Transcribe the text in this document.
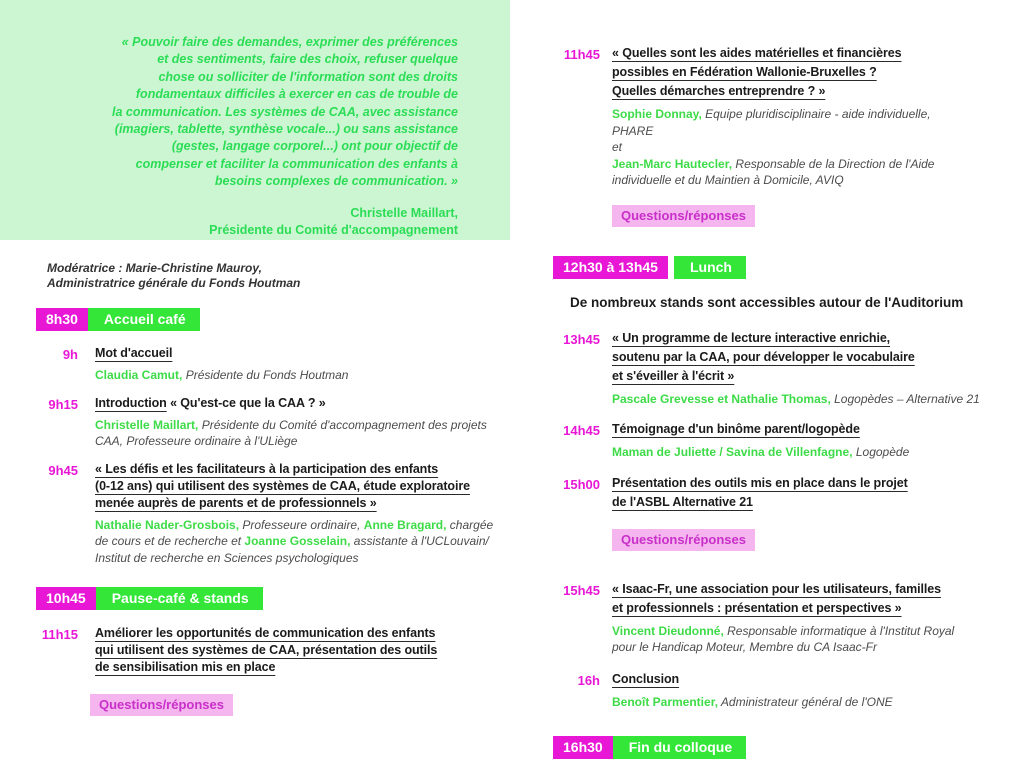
« Pouvoir faire des demandes, exprimer des préférences
et des sentiments, faire des choix, refuser quelque
chose ou solliciter de l'information sont des droits
fondamentaux difficiles à exercer en cas de trouble de
la communication. Les systèmes de CAA, avec assistance
(imagiers, tablette, synthèse vocale...) ou sans assistance
(gestes, langage corporel...) ont pour objectif de
compenser et faciliter la communication des enfants à
besoins complexes de communication. »
Christelle Maillart,
Présidente du Comité d'accompagnement
Modératrice : Marie-Christine Mauroy,
Administratrice générale du Fonds Houtman
8h30	Accueil café
9h Mot d'accueil
Claudia Camut, Présidente du Fonds Houtman
9h15 Introduction « Qu'est-ce que la CAA ? »
Christelle Maillart, Présidente du Comité d'accompagnement des projets CAA, Professeure ordinaire à l'ULiège
9h45 « Les défis et les facilitateurs à la participation des enfants
(0-12 ans) qui utilisent des systèmes de CAA, étude exploratoire
menée auprès de parents et de professionnels »
Nathalie Nader-Grosbois, Professeure ordinaire, Anne Bragard, chargée de cours et de recherche et Joanne Gosselain, assistante à l'UCLouvain/ Institut de recherche en Sciences psychologiques
10h45	Pause-café & stands
11h15 Améliorer les opportunités de communication des enfants
qui utilisent des systèmes de CAA, présentation des outils
de sensibilisation mis en place
Questions/réponses
11h45 « Quelles sont les aides matérielles et financières
possibles en Fédération Wallonie-Bruxelles ?
Quelles démarches entreprendre ? »
Sophie Donnay, Equipe pluridisciplinaire - aide individuelle, PHARE
et
Jean-Marc Hautecler, Responsable de la Direction de l'Aide individuelle et du Maintien à Domicile, AVIQ
Questions/réponses
12h30 à 13h45	Lunch
De nombreux stands sont accessibles autour de l'Auditorium
13h45 « Un programme de lecture interactive enrichie,
soutenu par la CAA, pour développer le vocabulaire
et s'éveiller à l'écrit »
Pascale Grevesse et Nathalie Thomas, Logopèdes – Alternative 21
14h45 Témoignage d'un binôme parent/logopède
Maman de Juliette / Savina de Villenfagne, Logopède
15h00 Présentation des outils mis en place dans le projet
de l'ASBL Alternative 21
Questions/réponses
15h45 « Isaac-Fr, une association pour les utilisateurs, familles
et professionnels : présentation et perspectives »
Vincent Dieudonné, Responsable informatique à l'Institut Royal pour le Handicap Moteur, Membre du CA Isaac-Fr
16h Conclusion
Benoît Parmentier, Administrateur général de l'ONE
16h30	Fin du colloque
